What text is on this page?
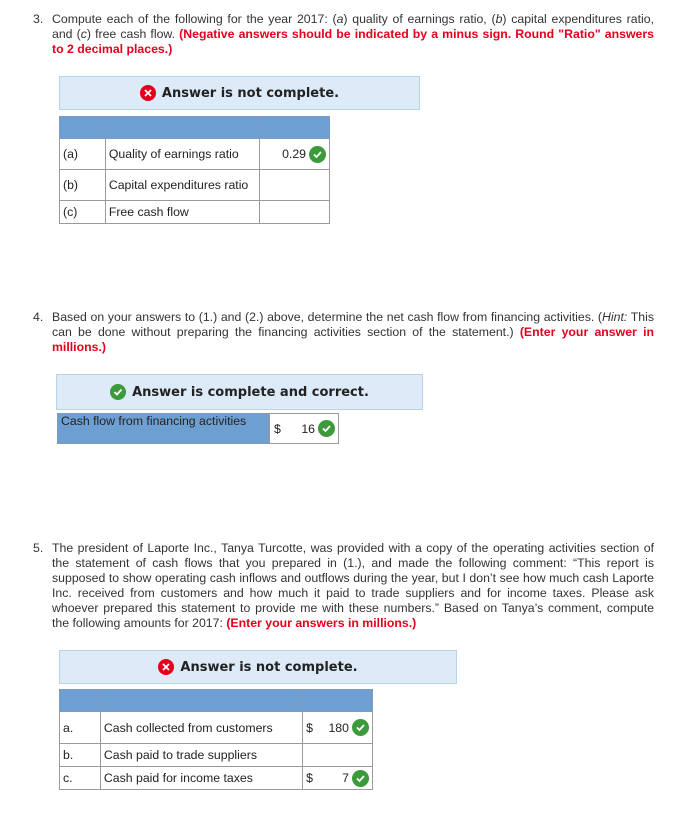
3. Compute each of the following for the year 2017: (a) quality of earnings ratio, (b) capital expenditures ratio, and (c) free cash flow. (Negative answers should be indicated by a minus sign. Round "Ratio" answers to 2 decimal places.)
Answer is not complete.

(a)	Quality of earnings ratio	0.29

(b)	Capital expenditures ratio	
(c)	Free cash flow	
4. Based on your answers to (1.) and (2.) above, determine the net cash flow from financing activities. (Hint: This can be done without preparing the financing activities section of the statement.) (Enter your answer in millions.)
Answer is complete and correct.
Cash flow from financing activities
$ 16
5. The president of Laporte Inc., Tanya Turcotte, was provided with a copy of the operating activities section of the statement of cash flows that you prepared in (1.), and made the following comment: “This report is supposed to show operating cash inflows and outflows during the year, but I don’t see how much cash Laporte Inc. received from customers and how much it paid to trade suppliers and for income taxes. Please ask whoever prepared this statement to provide me with these numbers.” Based on Tanya’s comment, compute the following amounts for 2017: (Enter your answers in millions.)
Answer is not complete.

a.	Cash collected from customers	$ 180

b.	Cash paid to trade suppliers	
c.	Cash paid for income taxes	$ 7
